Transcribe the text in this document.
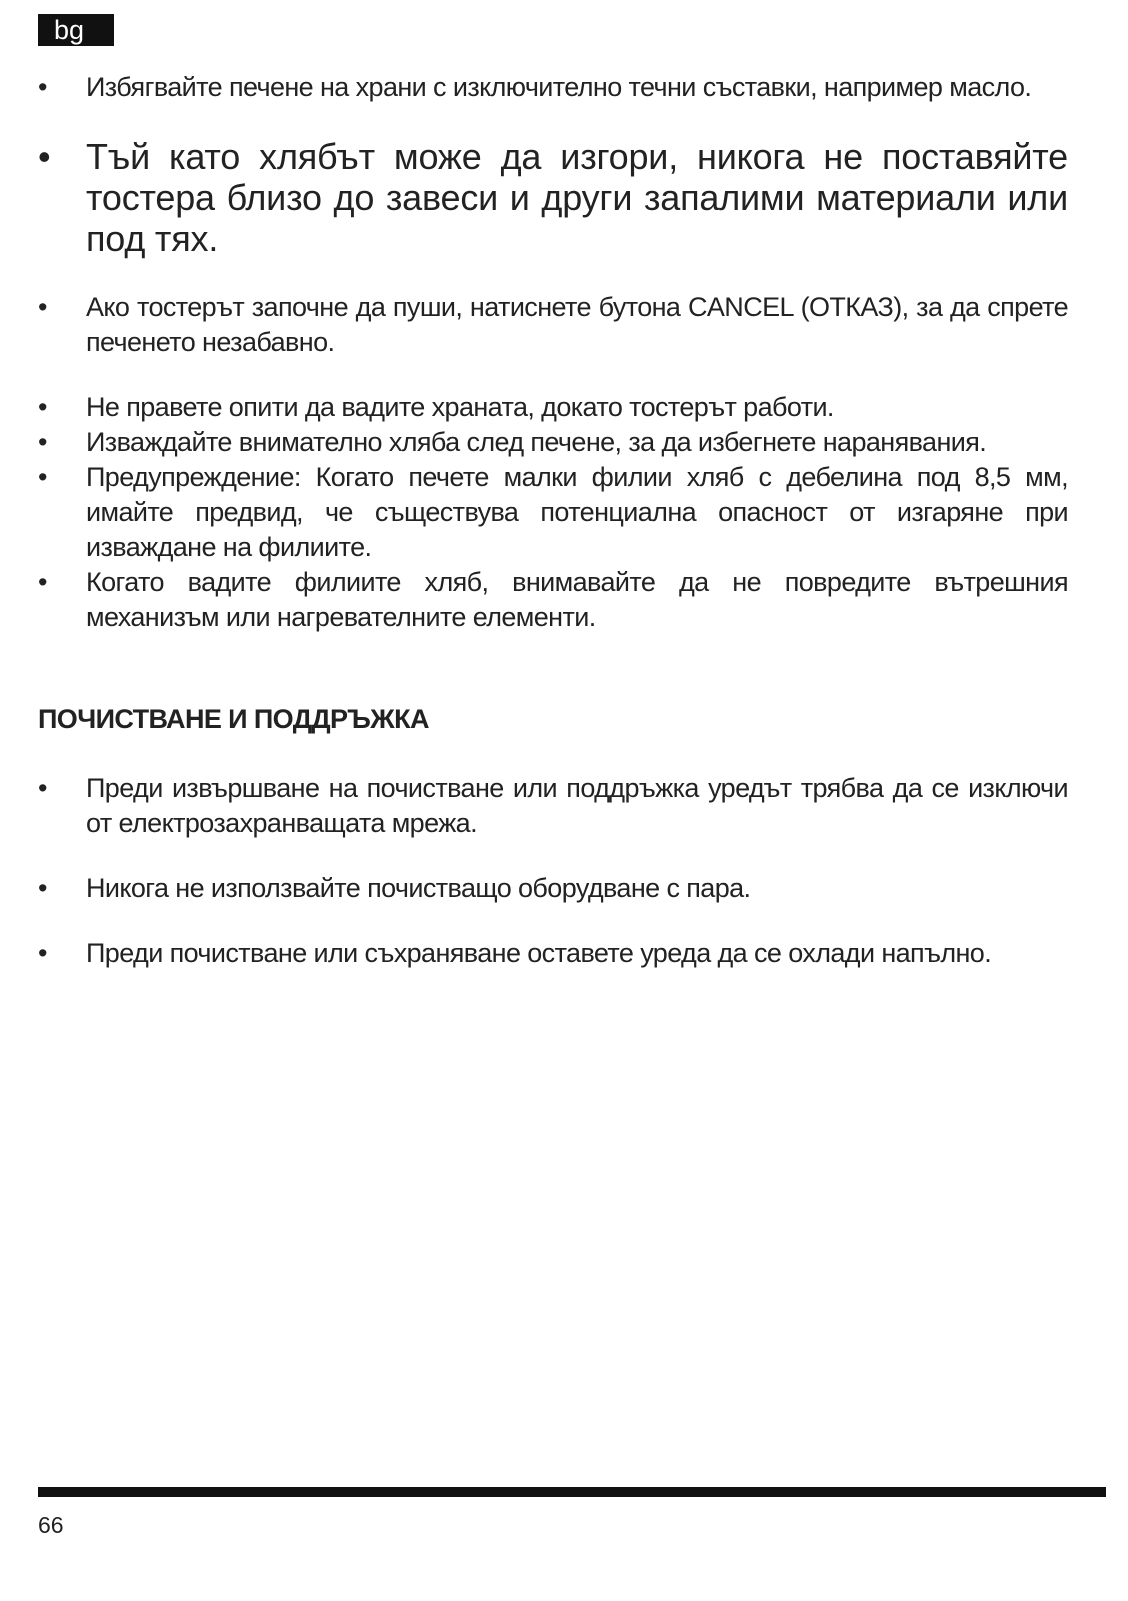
bg
• Избягвайте печене на храни с изключително течни съставки, например масло.
• Тъй като хлябът може да изгори, никога не поставяйте тостера близо до завеси и други запалими материали или под тях.
• Ако тостерът започне да пуши, натиснете бутона CANCEL (ОТКАЗ), за да спрете печенето незабавно.
• Не правете опити да вадите храната, докато тостерът работи.
• Изваждайте внимателно хляба след печене, за да избегнете наранявания.
• Предупреждение: Когато печете малки филии хляб с дебелина под 8,5 мм, имайте предвид, че съществува потенциална опасност от изгаряне при изваждане на филиите.
• Когато вадите филиите хляб, внимавайте да не повредите вътрешния механизъм или нагревателните елементи.
ПОЧИСТВАНЕ И ПОДДРЪЖКА
• Преди извършване на почистване или поддръжка уредът трябва да се изключи от електрозахранващата мрежа.
• Никога не използвайте почистващо оборудване с пара.
• Преди почистване или съхраняване оставете уреда да се охлади напълно.
66
